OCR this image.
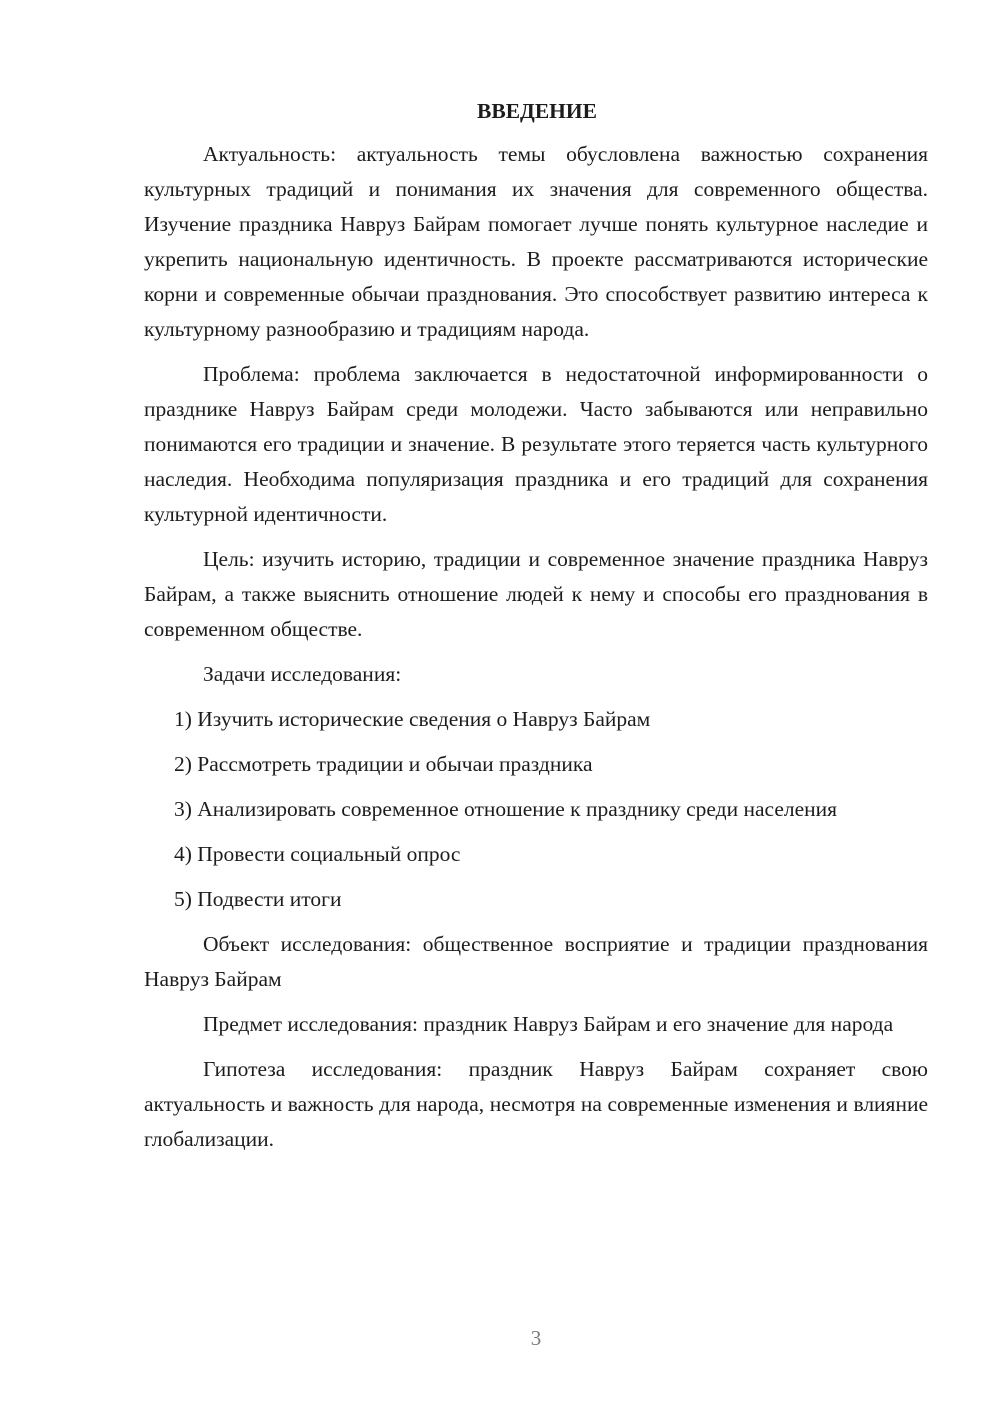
ВВЕДЕНИЕ

Актуальность: актуальность темы обусловлена важностью сохранения культурных традиций и понимания их значения для современного общества. Изучение праздника Навруз Байрам помогает лучше понять культурное наследие и укрепить национальную идентичность. В проекте рассматриваются исторические корни и современные обычаи празднования. Это способствует развитию интереса к культурному разнообразию и традициям народа.

Проблема: проблема заключается в недостаточной информированности о празднике Навруз Байрам среди молодежи. Часто забываются или неправильно понимаются его традиции и значение. В результате этого теряется часть культурного наследия. Необходима популяризация праздника и его традиций для сохранения культурной идентичности.

Цель: изучить историю, традиции и современное значение праздника Навруз Байрам, а также выяснить отношение людей к нему и способы его празднования в современном обществе.

Задачи исследования:

1) Изучить исторические сведения о Навруз Байрам

2) Рассмотреть традиции и обычаи праздника

3) Анализировать современное отношение к празднику среди населения

4) Провести социальный опрос

5) Подвести итоги

Объект исследования: общественное восприятие и традиции празднования Навруз Байрам

Предмет исследования: праздник Навруз Байрам и его значение для народа

Гипотеза исследования: праздник Навруз Байрам сохраняет свою актуальность и важность для народа, несмотря на современные изменения и влияние глобализации.

3
